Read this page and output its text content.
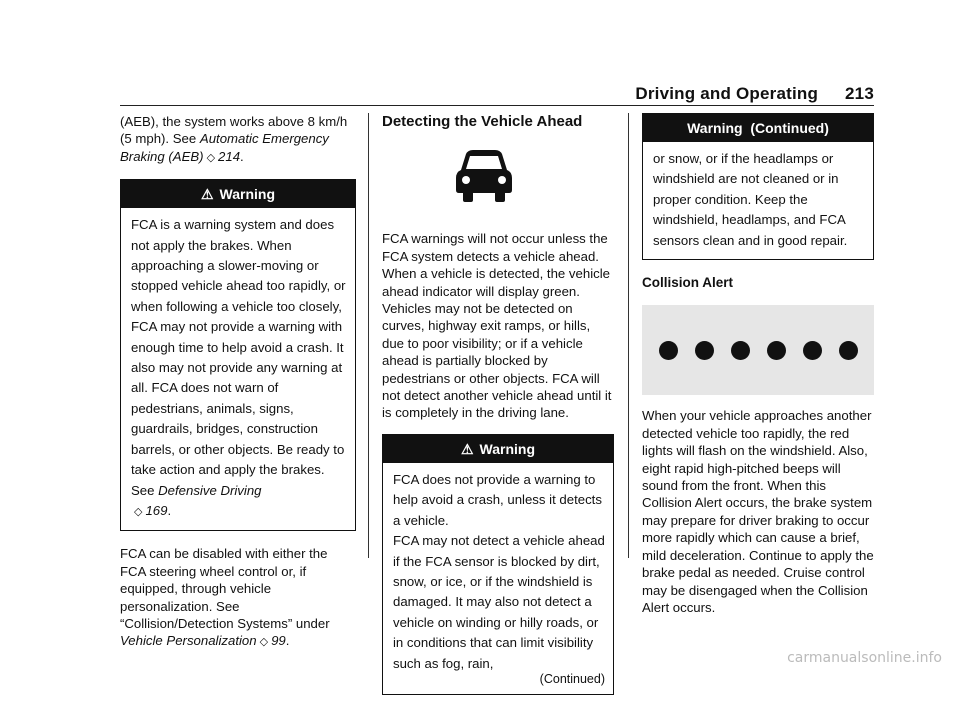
Driving and Operating 213

(AEB), the system works above 8 km/h (5 mph). See Automatic Emergency Braking (AEB) ◇ 214.

⚠ Warning

FCA is a warning system and does not apply the brakes. When approaching a slower-moving or stopped vehicle ahead too rapidly, or when following a vehicle too closely, FCA may not provide a warning with enough time to help avoid a crash. It also may not provide any warning at all. FCA does not warn of pedestrians, animals, signs, guardrails, bridges, construction barrels, or other objects. Be ready to take action and apply the brakes. See Defensive Driving
◇ 169.

FCA can be disabled with either the FCA steering wheel control or, if equipped, through vehicle personalization. See “Collision/Detection Systems” under Vehicle Personalization ◇ 99.

Detecting the Vehicle Ahead

FCA warnings will not occur unless the FCA system detects a vehicle ahead. When a vehicle is detected, the vehicle ahead indicator will display green. Vehicles may not be detected on curves, highway exit ramps, or hills, due to poor visibility; or if a vehicle ahead is partially blocked by pedestrians or other objects. FCA will not detect another vehicle ahead until it is completely in the driving lane.

⚠ Warning

FCA does not provide a warning to help avoid a crash, unless it detects a vehicle.

FCA may not detect a vehicle ahead if the FCA sensor is blocked by dirt, snow, or ice, or if the windshield is damaged. It may also not detect a vehicle on winding or hilly roads, or in conditions that can limit visibility such as fog, rain,

(Continued)
Warning  (Continued)

or snow, or if the headlamps or windshield are not cleaned or in proper condition. Keep the windshield, headlamps, and FCA sensors clean and in good repair.

Collision Alert

When your vehicle approaches another detected vehicle too rapidly, the red lights will flash on the windshield. Also, eight rapid high-pitched beeps will sound from the front. When this Collision Alert occurs, the brake system may prepare for driver braking to occur more rapidly which can cause a brief, mild deceleration. Continue to apply the brake pedal as needed. Cruise control may be disengaged when the Collision Alert occurs.

carmanualsonline.info
